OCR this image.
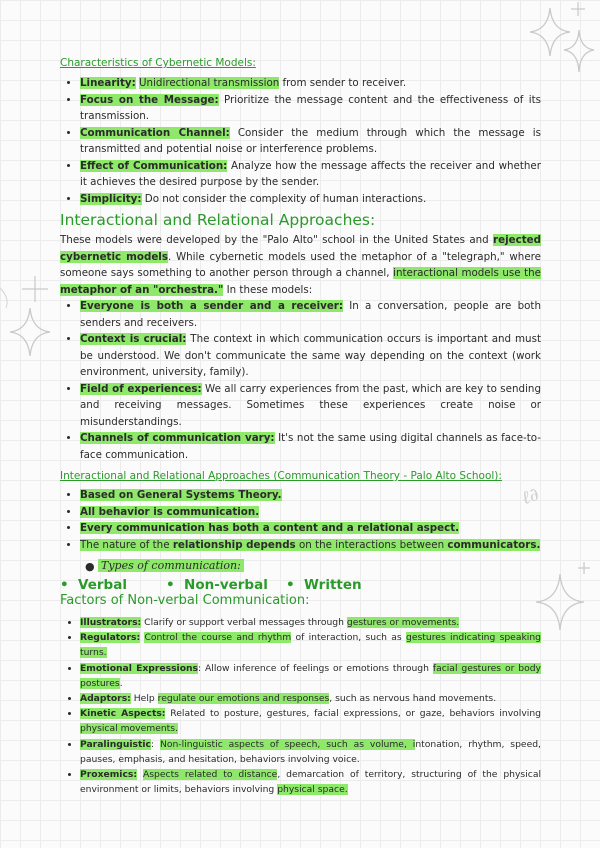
ℓ∂
Characteristics of Cybernetic Models:
• Linearity: Unidirectional transmission from sender to receiver.
• Focus on the Message: Prioritize the message content and the effectiveness of its transmission.
• Communication Channel: Consider the medium through which the message is transmitted and potential noise or interference problems.
• Effect of Communication: Analyze how the message affects the receiver and whether it achieves the desired purpose by the sender.
• Simplicity: Do not consider the complexity of human interactions.
Interactional and Relational Approaches:

These models were developed by the "Palo Alto" school in the United States and rejected cybernetic models. While cybernetic models used the metaphor of a "telegraph," where someone says something to another person through a channel, interactional models use the metaphor of an "orchestra." In these models:

• Everyone is both a sender and a receiver: In a conversation, people are both senders and receivers.
• Context is crucial: The context in which communication occurs is important and must be understood. We don't communicate the same way depending on the context (work environment, university, family).
• Field of experiences: We all carry experiences from the past, which are key to sending and receiving messages. Sometimes these experiences create noise or misunderstandings.
• Channels of communication vary: It's not the same using digital channels as face-to-face communication.
Interactional and Relational Approaches (Communication Theory - Palo Alto School):
• Based on General Systems Theory.
• All behavior is communication.
• Every communication has both a content and a relational aspect.
• The nature of the relationship depends on the interactions between communicators.
● Types of communication:
•  Verbal	•  Non-verbal	•  Written
Factors of Non-verbal Communication:
• Illustrators: Clarify or support verbal messages through gestures or movements.
• Regulators: Control the course and rhythm of interaction, such as gestures indicating speaking turns.
• Emotional Expressions: Allow inference of feelings or emotions through facial gestures or body postures.
• Adaptors: Help regulate our emotions and responses, such as nervous hand movements.
• Kinetic Aspects: Related to posture, gestures, facial expressions, or gaze, behaviors involving physical movements.
• Paralinguistic: Non-linguistic aspects of speech, such as volume, intonation, rhythm, speed, pauses, emphasis, and hesitation, behaviors involving voice.
• Proxemics: Aspects related to distance, demarcation of territory, structuring of the physical environment or limits, behaviors involving physical space.
